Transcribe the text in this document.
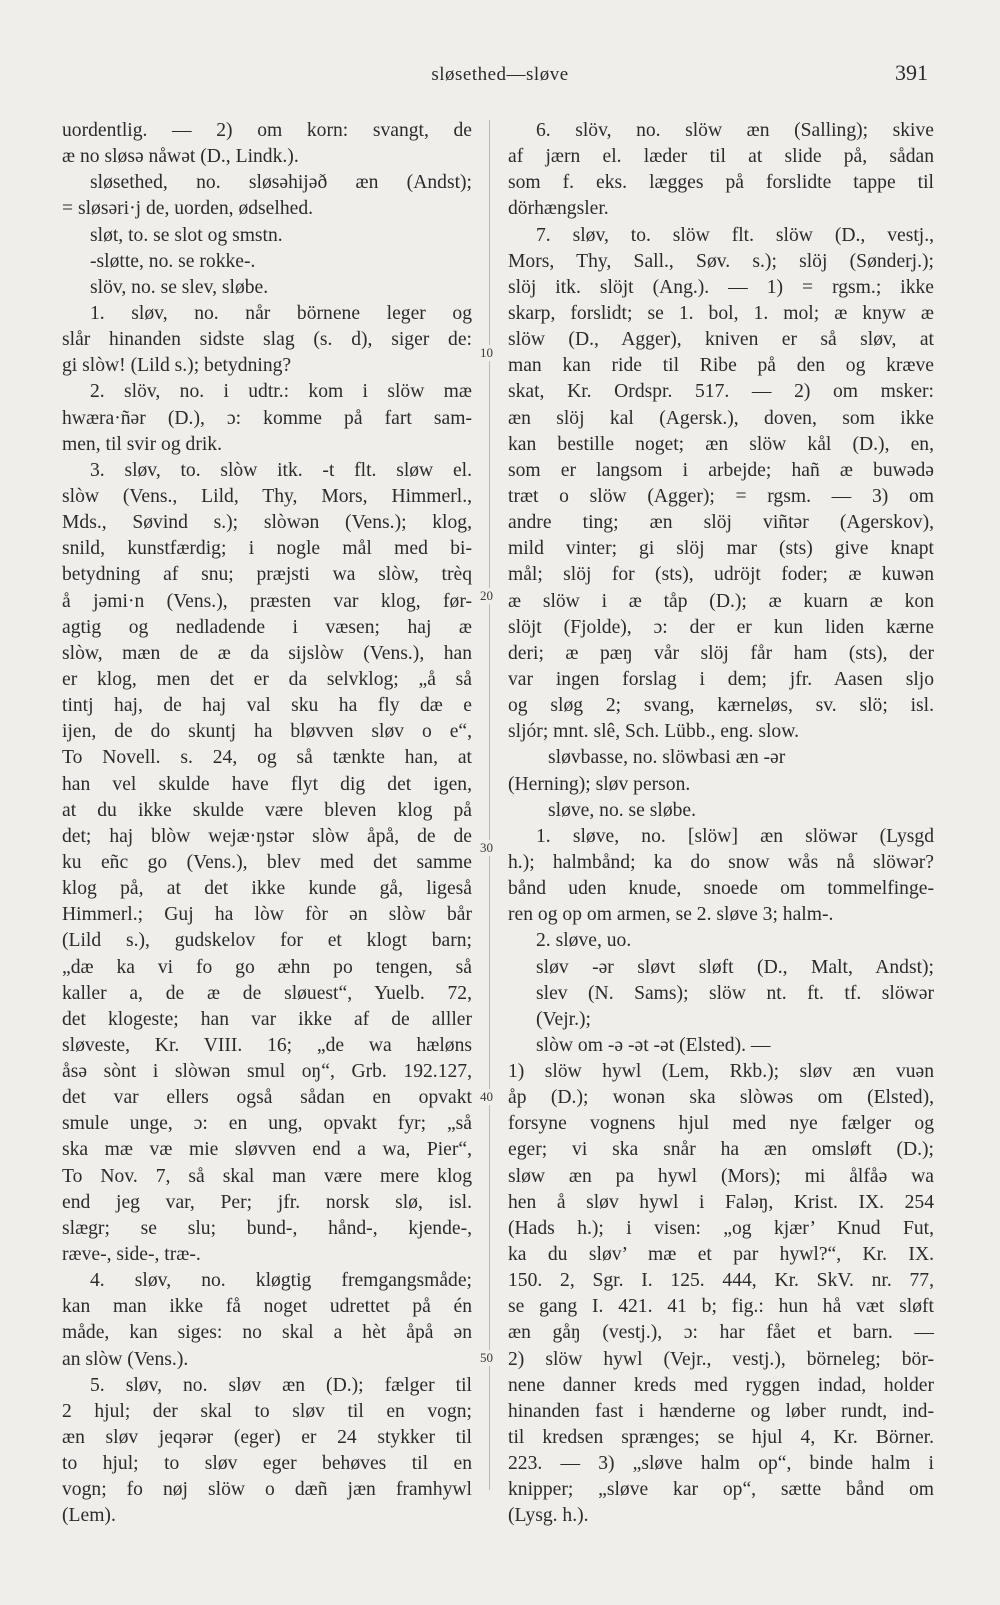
sløsethed—sløve	391
10
20
30
40
50
uordentlig. — 2) om korn: svangt, de
æ no sløsə nåwət (D., Lindk.).
sløsethed, no. sløsəhijəð æn (Andst);
= sløsəri·j de, uorden, ødselhed.
sløt, to. se slot og smstn.
-sløtte, no. se rokke-.
slöv, no. se slev, sløbe.
1. sløv, no. når börnene leger og
slår hinanden sidste slag (s. d), siger de:
gi slòw! (Lild s.); betydning?
2. slöv, no. i udtr.: kom i slöw mæ
hwæra·ñər (D.), ɔ: komme på fart sam-
men, til svir og drik.
3. sløv, to. slòw itk. -t flt. sløw el.
slòw (Vens., Lild, Thy, Mors, Himmerl.,
Mds., Søvind s.); slòwən (Vens.); klog,
snild, kunstfærdig; i nogle mål med bi-
betydning af snu; præjsti wa slòw, trèq
å jəmi·n (Vens.), præsten var klog, før-
agtig og nedladende i væsen; haj æ
slòw, mæn de æ da sijslòw (Vens.), han
er klog, men det er da selvklog; „å så
tintj haj, de haj val sku ha fly dæ e
ijen, de do skuntj ha bløvven sløv o e“,
To Novell. s. 24, og så tænkte han, at
han vel skulde have flyt dig det igen,
at du ikke skulde være bleven klog på
det; haj blòw wejæ·ŋstər slòw åpå, de de
ku eñc go (Vens.), blev med det samme
klog på, at det ikke kunde gå, ligeså
Himmerl.; Guj ha lòw fòr ən slòw bår
(Lild s.), gudskelov for et klogt barn;
„dæ ka vi fo go æhn po tengen, så
kaller a, de æ de sløuest“, Yuelb. 72,
det klogeste; han var ikke af de alller
sløveste, Kr. VIII. 16; „de wa hæløns
åsə sònt i slòwən smul oŋ“, Grb. 192.127,
det var ellers også sådan en opvakt
smule unge, ɔ: en ung, opvakt fyr; „så
ska mæ væ mie sløvven end a wa, Pier“,
To Nov. 7, så skal man være mere klog
end jeg var, Per; jfr. norsk slø, isl.
slægr; se slu; bund-, hånd-, kjende-,
ræve-, side-, træ-.
4. sløv, no. kløgtig fremgangsmåde;
kan man ikke få noget udrettet på én
måde, kan siges: no skal a hèt åpå ən
an slòw (Vens.).
5. sløv, no. sløv æn (D.); fælger til
2 hjul; der skal to sløv til en vogn;
æn sløv jeqərər (eger) er 24 stykker til
to hjul; to sløv eger behøves til en
vogn; fo nøj slöw o dæñ jæn framhywl
(Lem).
6. slöv, no. slöw æn (Salling); skive
af jærn el. læder til at slide på, sådan
som f. eks. lægges på forslidte tappe til
dörhængsler.
7. sløv, to. slöw flt. slöw (D., vestj.,
Mors, Thy, Sall., Søv. s.); slöj (Sønderj.);
slöj itk. slöjt (Ang.). — 1) = rgsm.; ikke
skarp, forslidt; se 1. bol, 1. mol; æ knyw æ
slöw (D., Agger), kniven er så sløv, at
man kan ride til Ribe på den og kræve
skat, Kr. Ordspr. 517. — 2) om msker:
æn slöj kal (Agersk.), doven, som ikke
kan bestille noget; æn slöw kål (D.), en,
som er langsom i arbejde; hañ æ buwədə
træt o slöw (Agger); = rgsm. — 3) om
andre ting; æn slöj viñtər (Agerskov),
mild vinter; gi slöj mar (sts) give knapt
mål; slöj for (sts), udröjt foder; æ kuwən
æ slöw i æ tåp (D.); æ kuarn æ kon
slöjt (Fjolde), ɔ: der er kun liden kærne
deri; æ pæŋ vår slöj får ham (sts), der
var ingen forslag i dem; jfr. Aasen sljo
og sløg 2; svang, kærneløs, sv. slö; isl.
sljór; mnt. slê, Sch. Lübb., eng. slow.
sløvbasse, no. slöwbasi æn -ər
(Herning); sløv person.
sløve, no. se sløbe.
1. sløve, no. [slöw] æn slöwər (Lysgd
h.); halmbånd; ka do snow wås nå slöwər?
bånd uden knude, snoede om tommelfinge-
ren og op om armen, se 2. sløve 3; halm-.
2. sløve, uo.
sløv -ər sløvt sløft (D., Malt, Andst);
slev (N. Sams); slöw nt. ft. tf. slöwər
(Vejr.);
slòw om -ə -ət -ət (Elsted). —
1) slöw hywl (Lem, Rkb.); sløv æn vuən
åp (D.); wonən ska slòwəs om (Elsted),
forsyne vognens hjul med nye fælger og
eger; vi ska snår ha æn omsløft (D.);
sløw æn pa hywl (Mors); mi ålfåə wa
hen å sløv hywl i Faləŋ, Krist. IX. 254
(Hads h.); i visen: „og kjær’ Knud Fut,
ka du sløv’ mæ et par hywl?“, Kr. IX.
150. 2, Sgr. I. 125. 444, Kr. SkV. nr. 77,
se gang I. 421. 41 b; fig.: hun hå væt sløft
æn gåŋ (vestj.), ɔ: har fået et barn. —
2) slöw hywl (Vejr., vestj.), börneleg; bör-
nene danner kreds med ryggen indad, holder
hinanden fast i hænderne og løber rundt, ind-
til kredsen sprænges; se hjul 4, Kr. Börner.
223. — 3) „sløve halm op“, binde halm i
knipper; „sløve kar op“, sætte bånd om
(Lysg. h.).
